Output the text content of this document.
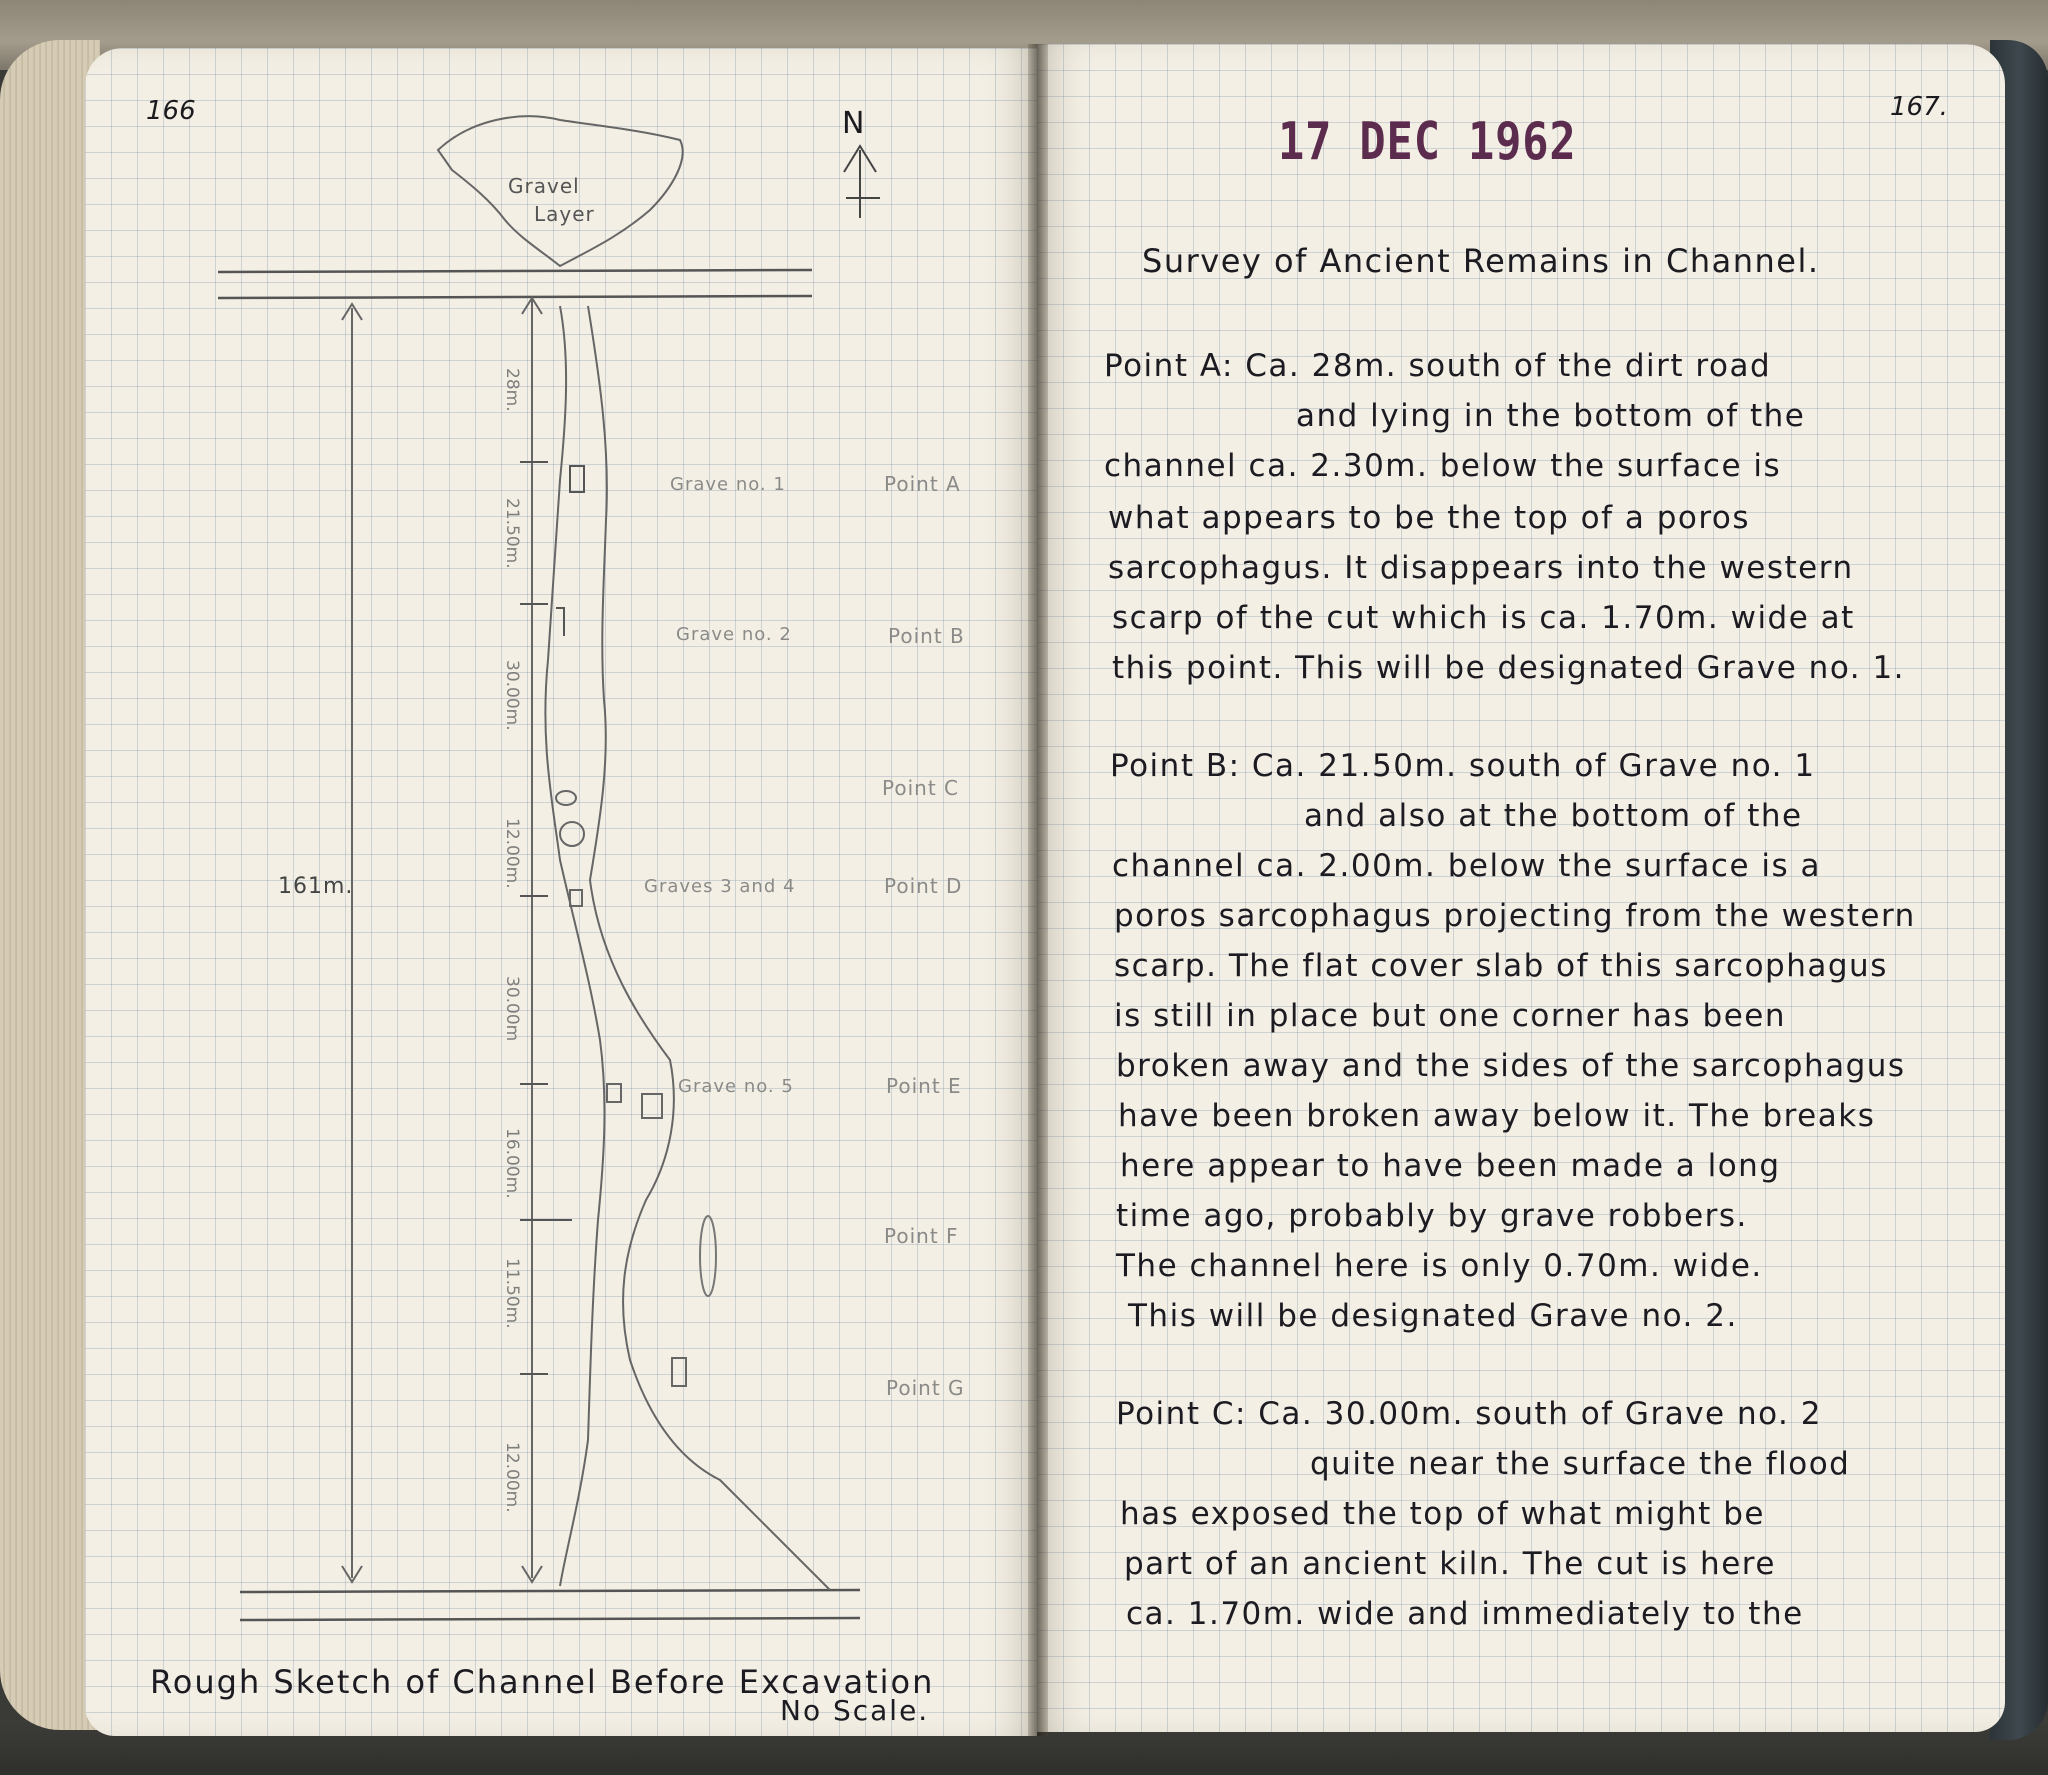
166	N
Gravel
Layer
161m.
28m.
21.50m.
30.00m.
12.00m.
30.00m
16.00m.
11.50m.
12.00m.
Grave no. 1
Grave no. 2
Graves 3 and 4
Grave no. 5
Point A
Point B
Point C
Point D
Point E
Point F
Point G
Rough Sketch of Channel Before Excavation
No Scale.
167.
17 DEC 1962
Survey of Ancient Remains in Channel.
Point A: Ca. 28m. south of the dirt road
and lying in the bottom of the
channel ca. 2.30m. below the surface is
what appears to be the top of a poros
sarcophagus. It disappears into the western
scarp of the cut which is ca. 1.70m. wide at
this point. This will be designated Grave no. 1.
Point B: Ca. 21.50m. south of Grave no. 1
and also at the bottom of the
channel ca. 2.00m. below the surface is a
poros sarcophagus projecting from the western
scarp. The flat cover slab of this sarcophagus
is still in place but one corner has been
broken away and the sides of the sarcophagus
have been broken away below it. The breaks
here appear to have been made a long
time ago, probably by grave robbers.
The channel here is only 0.70m. wide.
This will be designated Grave no. 2.
Point C: Ca. 30.00m. south of Grave no. 2
quite near the surface the flood
has exposed the top of what might be
part of an ancient kiln. The cut is here
ca. 1.70m. wide and immediately to the
